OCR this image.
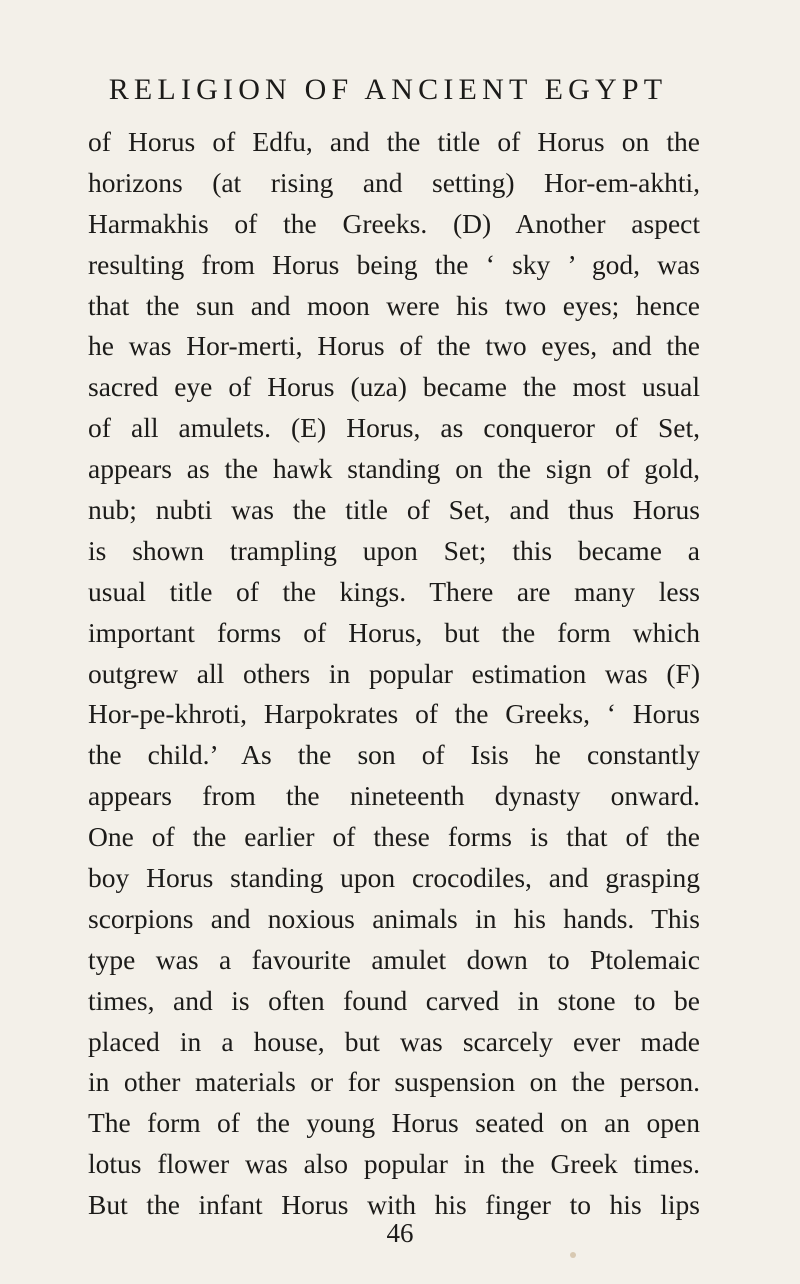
RELIGION OF ANCIENT EGYPT
of Horus of Edfu, and the title of Horus on the
horizons (at rising and setting) Hor-em-akhti,
Harmakhis of the Greeks. (D) Another aspect
resulting from Horus being the ‘ sky ’ god, was
that the sun and moon were his two eyes; hence
he was Hor-merti, Horus of the two eyes, and the
sacred eye of Horus (uza) became the most usual
of all amulets. (E) Horus, as conqueror of Set,
appears as the hawk standing on the sign of gold,
nub; nubti was the title of Set, and thus Horus
is shown trampling upon Set; this became a
usual title of the kings. There are many less
important forms of Horus, but the form which
outgrew all others in popular estimation was (F)
Hor-pe-khroti, Harpokrates of the Greeks, ‘ Horus
the child.’ As the son of Isis he constantly
appears from the nineteenth dynasty onward.
One of the earlier of these forms is that of the
boy Horus standing upon crocodiles, and grasping
scorpions and noxious animals in his hands. This
type was a favourite amulet down to Ptolemaic
times, and is often found carved in stone to be
placed in a house, but was scarcely ever made
in other materials or for suspension on the person.
The form of the young Horus seated on an open
lotus flower was also popular in the Greek times.
But the infant Horus with his finger to his lips
46
